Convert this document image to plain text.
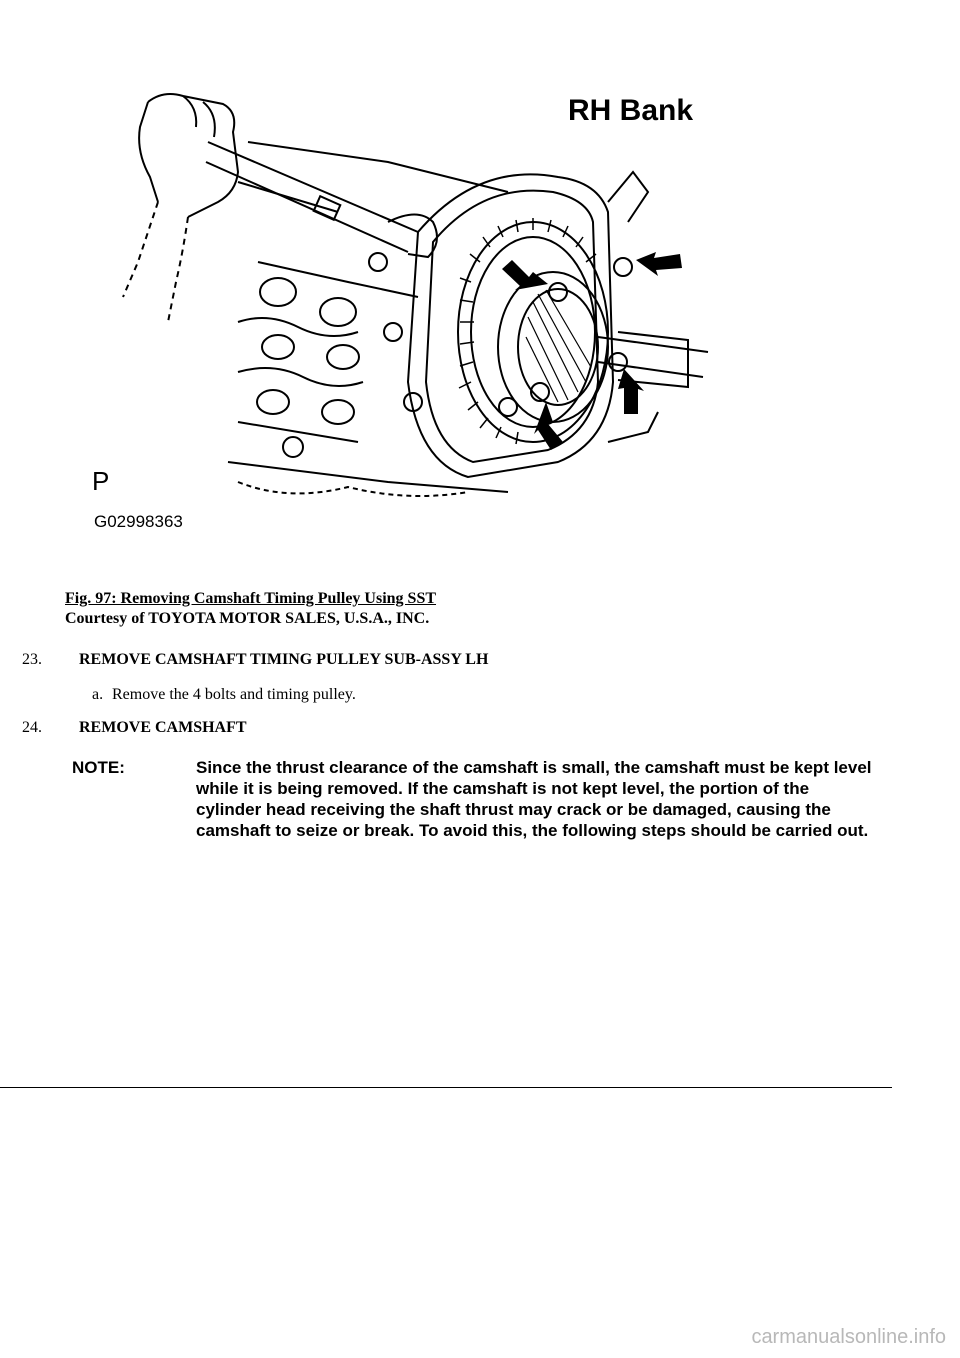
RH Bank
P
G02998363
Fig. 97: Removing Camshaft Timing Pulley Using SST
Courtesy of TOYOTA MOTOR SALES, U.S.A., INC.
23. REMOVE CAMSHAFT TIMING PULLEY SUB-ASSY LH
a. Remove the 4 bolts and timing pulley.
24. REMOVE CAMSHAFT
NOTE:	Since the thrust clearance of the camshaft is small, the camshaft must be kept level while it is being removed. If the camshaft is not kept level, the portion of the cylinder head receiving the shaft thrust may crack or be damaged, causing the camshaft to seize or break. To avoid this, the following steps should be carried out.
carmanualsonline.info
